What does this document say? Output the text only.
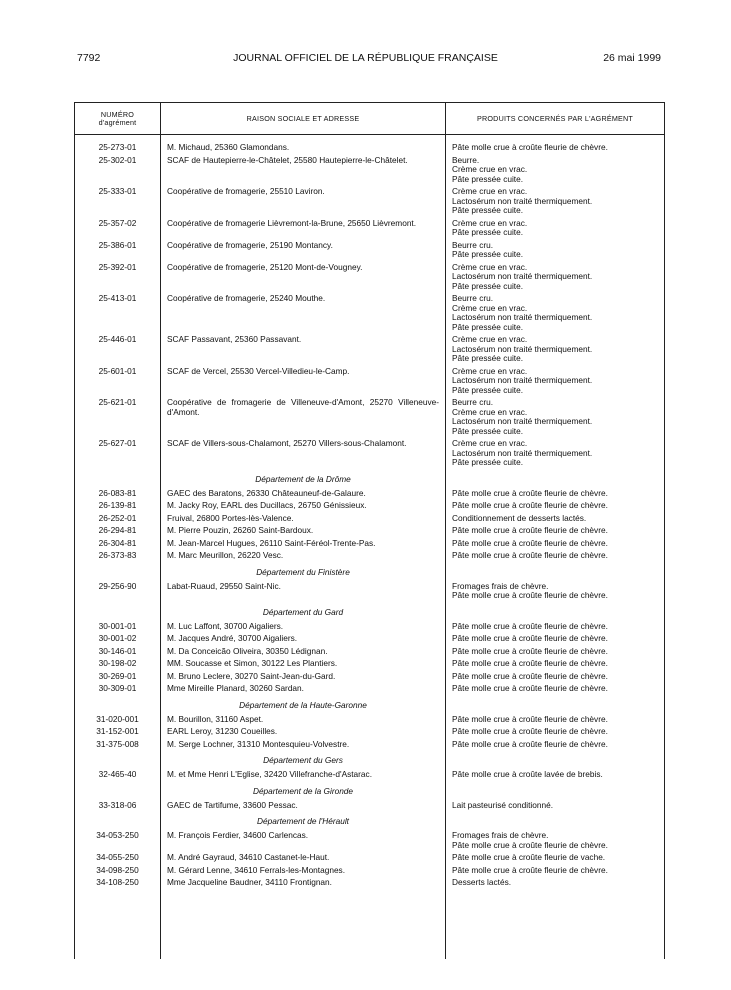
7792	JOURNAL OFFICIEL DE LA RÉPUBLIQUE FRANÇAISE	26 mai 1999
NUMÉRO
d'agrément	RAISON SOCIALE ET ADRESSE	PRODUITS CONCERNÉS PAR L'AGRÉMENT
25-273-01	M. Michaud, 25360 Glamondans.	Pâte molle crue à croûte fleurie de chèvre.
25-302-01	SCAF de Hautepierre-le-Châtelet, 25580 Hautepierre-le-Châtelet.	Beurre.
Crème crue en vrac.
Pâte pressée cuite.
25-333-01	Coopérative de fromagerie, 25510 Laviron.	Crème crue en vrac.
Lactosérum non traité thermiquement.
Pâte pressée cuite.
25-357-02	Coopérative de fromagerie Lièvremont-la-Brune, 25650 Lièvremont.	Crème crue en vrac.
Pâte pressée cuite.
25-386-01	Coopérative de fromagerie, 25190 Montancy.	Beurre cru.
Pâte pressée cuite.
25-392-01	Coopérative de fromagerie, 25120 Mont-de-Vougney.	Crème crue en vrac.
Lactosérum non traité thermiquement.
Pâte pressée cuite.
25-413-01	Coopérative de fromagerie, 25240 Mouthe.	Beurre cru.
Crème crue en vrac.
Lactosérum non traité thermiquement.
Pâte pressée cuite.
25-446-01	SCAF Passavant, 25360 Passavant.	Crème crue en vrac.
Lactosérum non traité thermiquement.
Pâte pressée cuite.
25-601-01	SCAF de Vercel, 25530 Vercel-Villedieu-le-Camp.	Crème crue en vrac.
Lactosérum non traité thermiquement.
Pâte pressée cuite.
25-621-01	Coopérative de fromagerie de Villeneuve-d'Amont, 25270 Villeneuve-d'Amont.
Beurre cru.
Crème crue en vrac.
Lactosérum non traité thermiquement.
Pâte pressée cuite.
25-627-01	SCAF de Villers-sous-Chalamont, 25270 Villers-sous-Chalamont.	Crème crue en vrac.
Lactosérum non traité thermiquement.
Pâte pressée cuite.
Département de la Drôme
26-083-81	GAEC des Baratons, 26330 Châteauneuf-de-Galaure.	Pâte molle crue à croûte fleurie de chèvre.
26-139-81	M. Jacky Roy, EARL des Ducillacs, 26750 Génissieux.	Pâte molle crue à croûte fleurie de chèvre.
26-252-01	Fruival, 26800 Portes-lès-Valence.	Conditionnement de desserts lactés.
26-294-81	M. Pierre Pouzin, 26260 Saint-Bardoux.	Pâte molle crue à croûte fleurie de chèvre.
26-304-81	M. Jean-Marcel Hugues, 26110 Saint-Féréol-Trente-Pas.	Pâte molle crue à croûte fleurie de chèvre.
26-373-83	M. Marc Meurillon, 26220 Vesc.	Pâte molle crue à croûte fleurie de chèvre.
Département du Finistère
29-256-90	Labat-Ruaud, 29550 Saint-Nic.	Fromages frais de chèvre.
Pâte molle crue à croûte fleurie de chèvre.
Département du Gard
30-001-01	M. Luc Laffont, 30700 Aigaliers.	Pâte molle crue à croûte fleurie de chèvre.
30-001-02	M. Jacques André, 30700 Aigaliers.	Pâte molle crue à croûte fleurie de chèvre.
30-146-01	M. Da Conceicão Oliveira, 30350 Lédignan.	Pâte molle crue à croûte fleurie de chèvre.
30-198-02	MM. Soucasse et Simon, 30122 Les Plantiers.	Pâte molle crue à croûte fleurie de chèvre.
30-269-01	M. Bruno Leclere, 30270 Saint-Jean-du-Gard.	Pâte molle crue à croûte fleurie de chèvre.
30-309-01	Mme Mireille Planard, 30260 Sardan.	Pâte molle crue à croûte fleurie de chèvre.
Département de la Haute-Garonne
31-020-001	M. Bourillon, 31160 Aspet.	Pâte molle crue à croûte fleurie de chèvre.
31-152-001	EARL Leroy, 31230 Coueilles.	Pâte molle crue à croûte fleurie de chèvre.
31-375-008	M. Serge Lochner, 31310 Montesquieu-Volvestre.	Pâte molle crue à croûte fleurie de chèvre.
Département du Gers
32-465-40	M. et Mme Henri L'Eglise, 32420 Villefranche-d'Astarac.	Pâte molle crue à croûte lavée de brebis.
Département de la Gironde
33-318-06	GAEC de Tartifume, 33600 Pessac.	Lait pasteurisé conditionné.
Département de l'Hérault
34-053-250	M. François Ferdier, 34600 Carlencas.	Fromages frais de chèvre.
Pâte molle crue à croûte fleurie de chèvre.
34-055-250	M. André Gayraud, 34610 Castanet-le-Haut.	Pâte molle crue à croûte fleurie de vache.
34-098-250	M. Gérard Lenne, 34610 Ferrals-les-Montagnes.	Pâte molle crue à croûte fleurie de chèvre.
34-108-250	Mme Jacqueline Baudner, 34110 Frontignan.	Desserts lactés.
